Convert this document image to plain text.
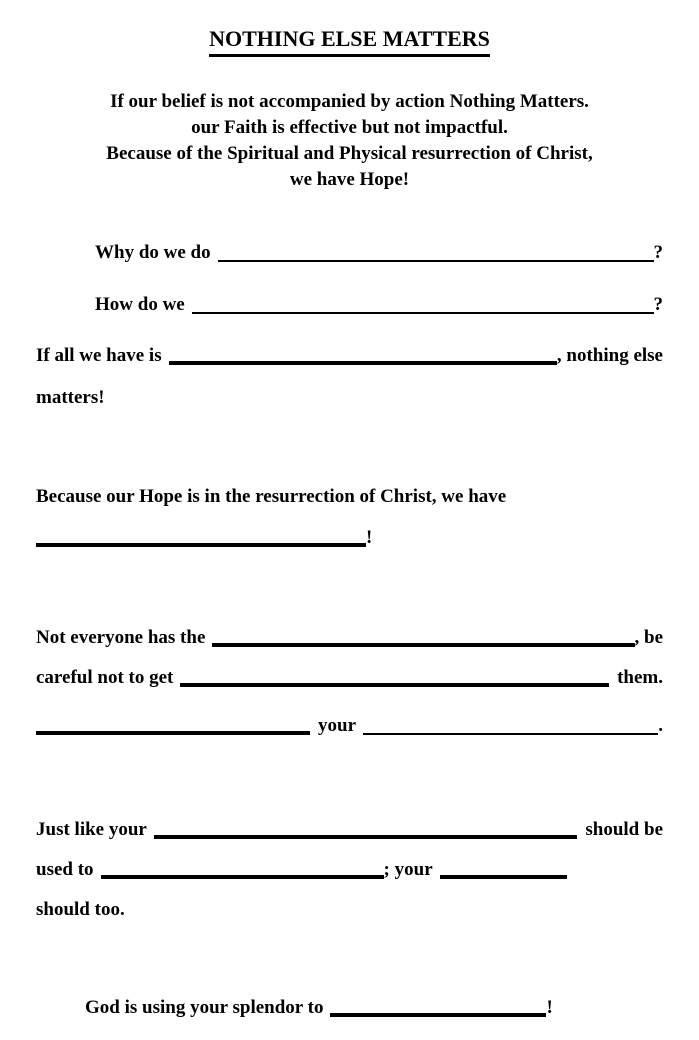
NOTHING ELSE MATTERS
If our belief is not accompanied by action Nothing Matters.
our Faith is effective but not impactful.
Because of the Spiritual and Physical resurrection of Christ,
we have Hope!
Why do we do	?
How do we	?
If all we have is	, nothing else
matters!
Because our Hope is in the resurrection of Christ, we have
!
Not everyone has the	, be
careful not to get	them.
your	.
Just like your	should be
used to	; your
should too.
God is using your splendor to	!
